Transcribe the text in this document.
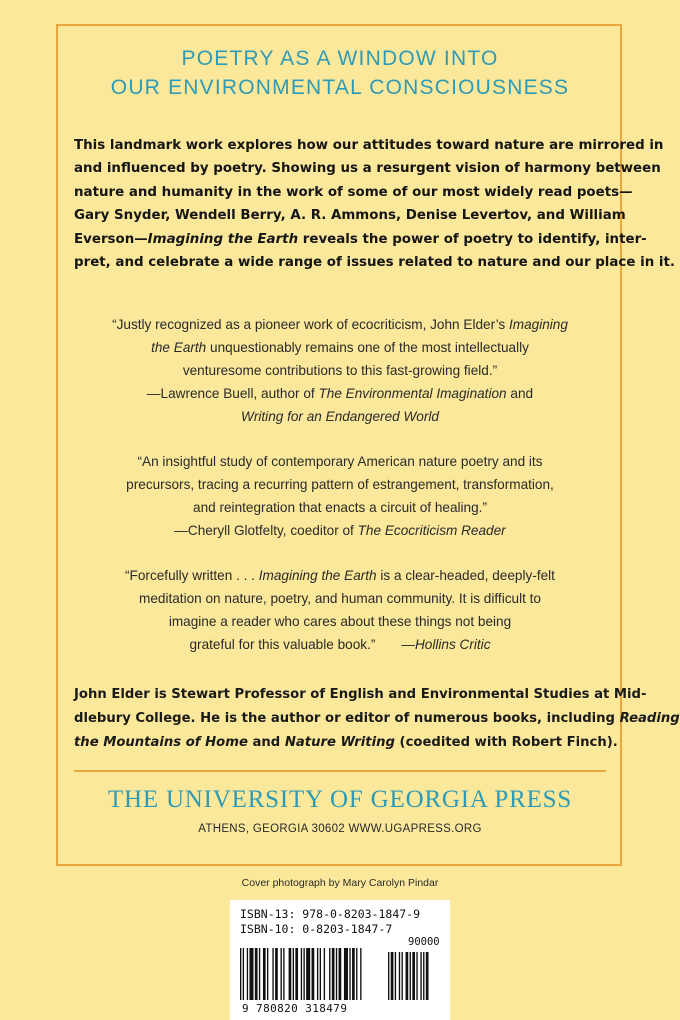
POETRY AS A WINDOW INTO
OUR ENVIRONMENTAL CONSCIOUSNESS
This landmark work explores how our attitudes toward nature are mirrored in
and influenced by poetry. Showing us a resurgent vision of harmony between
nature and humanity in the work of some of our most widely read poets—
Gary Snyder, Wendell Berry, A. R. Ammons, Denise Levertov, and William
Everson—Imagining the Earth reveals the power of poetry to identify, inter-
pret, and celebrate a wide range of issues related to nature and our place in it.
“Justly recognized as a pioneer work of ecocriticism, John Elder’s Imagining
the Earth unquestionably remains one of the most intellectually
venturesome contributions to this fast-growing field.”
—Lawrence Buell, author of The Environmental Imagination and
Writing for an Endangered World
“An insightful study of contemporary American nature poetry and its
precursors, tracing a recurring pattern of estrangement, transformation,
and reintegration that enacts a circuit of healing.”
—Cheryll Glotfelty, coeditor of The Ecocriticism Reader
“Forcefully written . . . Imagining the Earth is a clear-headed, deeply-felt
meditation on nature, poetry, and human community. It is difficult to
imagine a reader who cares about these things not being
grateful for this valuable book.” —Hollins Critic
John Elder is Stewart Professor of English and Environmental Studies at Mid-
dlebury College. He is the author or editor of numerous books, including Reading
the Mountains of Home and Nature Writing (coedited with Robert Finch).
THE UNIVERSITY OF GEORGIA PRESS
ATHENS, GEORGIA 30602 WWW.UGAPRESS.ORG
Cover photograph by Mary Carolyn Pindar
ISBN-13: 978-0-8203-1847-9
ISBN-10: 0-8203-1847-7
90000
9 780820 318479
